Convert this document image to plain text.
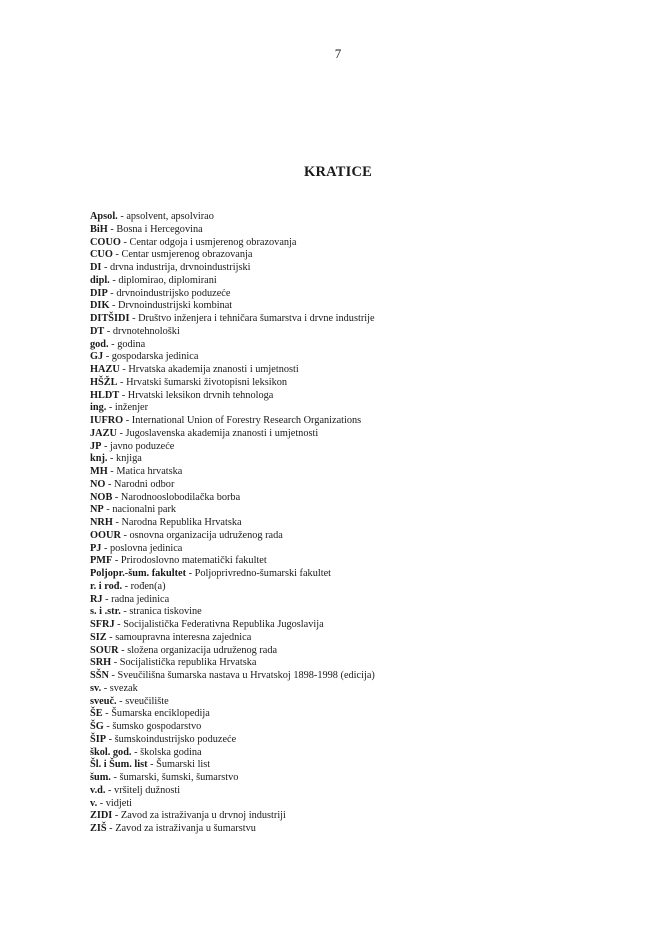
7
KRATICE
Apsol. - apsolvent, apsolvirao
BiH - Bosna i Hercegovina
COUO - Centar odgoja i usmjerenog obrazovanja
CUO - Centar usmjerenog obrazovanja
DI - drvna industrija, drvnoindustrijski
dipl. - diplomirao, diplomirani
DIP - drvnoindustrijsko poduzeće
DIK - Drvnoindustrijski kombinat
DITŠIDI - Društvo inženjera i tehničara šumarstva i drvne industrije
DT - drvnotehnološki
god. - godina
GJ - gospodarska jedinica
HAZU - Hrvatska akademija znanosti i umjetnosti
HŠŽL - Hrvatski šumarski životopisni leksikon
HLDT - Hrvatski leksikon drvnih tehnologa
ing. - inženjer
IUFRO - International Union of Forestry Research Organizations
JAZU - Jugoslavenska akademija znanosti i umjetnosti
JP - javno poduzeće
knj. - knjiga
MH - Matica hrvatska
NO - Narodni odbor
NOB - Narodnooslobodilačka borba
NP - nacionalni park
NRH - Narodna Republika Hrvatska
OOUR - osnovna organizacija udruženog rada
PJ - poslovna jedinica
PMF - Prirodoslovno matematički fakultet
Poljopr.-šum. fakultet - Poljoprivredno-šumarski fakultet
r. i rođ. - rođen(a)
RJ - radna jedinica
s. i .str. - stranica tiskovine
SFRJ - Socijalistička Federativna Republika Jugoslavija
SIZ - samoupravna interesna zajednica
SOUR - složena organizacija udruženog rada
SRH - Socijalistička republika Hrvatska
SŠN - Sveučilišna šumarska nastava u Hrvatskoj 1898-1998 (edicija)
sv. - svezak
sveuč. - sveučilište
ŠE - Šumarska enciklopedija
ŠG - šumsko gospodarstvo
ŠIP - šumskoindustrijsko poduzeće
škol. god. - školska godina
Šl. i Šum. list - Šumarski list
šum. - šumarski, šumski, šumarstvo
v.d. - vršitelj dužnosti
v. - vidjeti
ZIDI - Zavod za istraživanja u drvnoj industriji
ZIŠ - Zavod za istraživanja u šumarstvu
